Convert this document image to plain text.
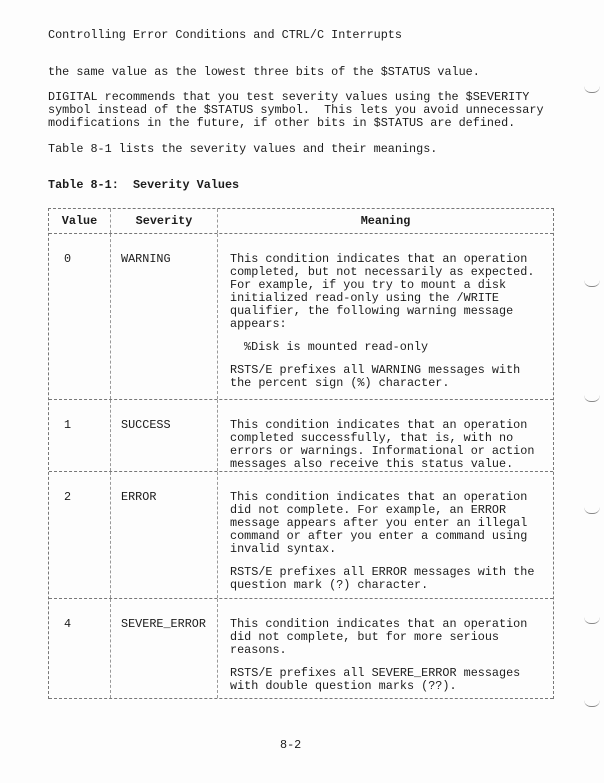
Controlling Error Conditions and CTRL/C Interrupts
the same value as the lowest three bits of the $STATUS value.
DIGITAL recommends that you test severity values using the $SEVERITY
symbol instead of the $STATUS symbol.  This lets you avoid unnecessary
modifications in the future, if other bits in $STATUS are defined.
Table 8-1 lists the severity values and their meanings.
Table 8-1:  Severity Values
Value	Severity	Meaning
0	WARNING	This condition indicates that an operation
completed, but not necessarily as expected.
For example, if you try to mount a disk
initialized read-only using the /WRITE
qualifier, the following warning message
appears:
%Disk is mounted read-only
RSTS/E prefixes all WARNING messages with
the percent sign (%) character.
1	SUCCESS	This condition indicates that an operation
completed successfully, that is, with no
errors or warnings. Informational or action
messages also receive this status value.
2	ERROR	This condition indicates that an operation
did not complete. For example, an ERROR
message appears after you enter an illegal
command or after you enter a command using
invalid syntax.
RSTS/E prefixes all ERROR messages with the
question mark (?) character.
4	SEVERE_ERROR	This condition indicates that an operation
did not complete, but for more serious
reasons.
RSTS/E prefixes all SEVERE_ERROR messages
with double question marks (??).
8-2
